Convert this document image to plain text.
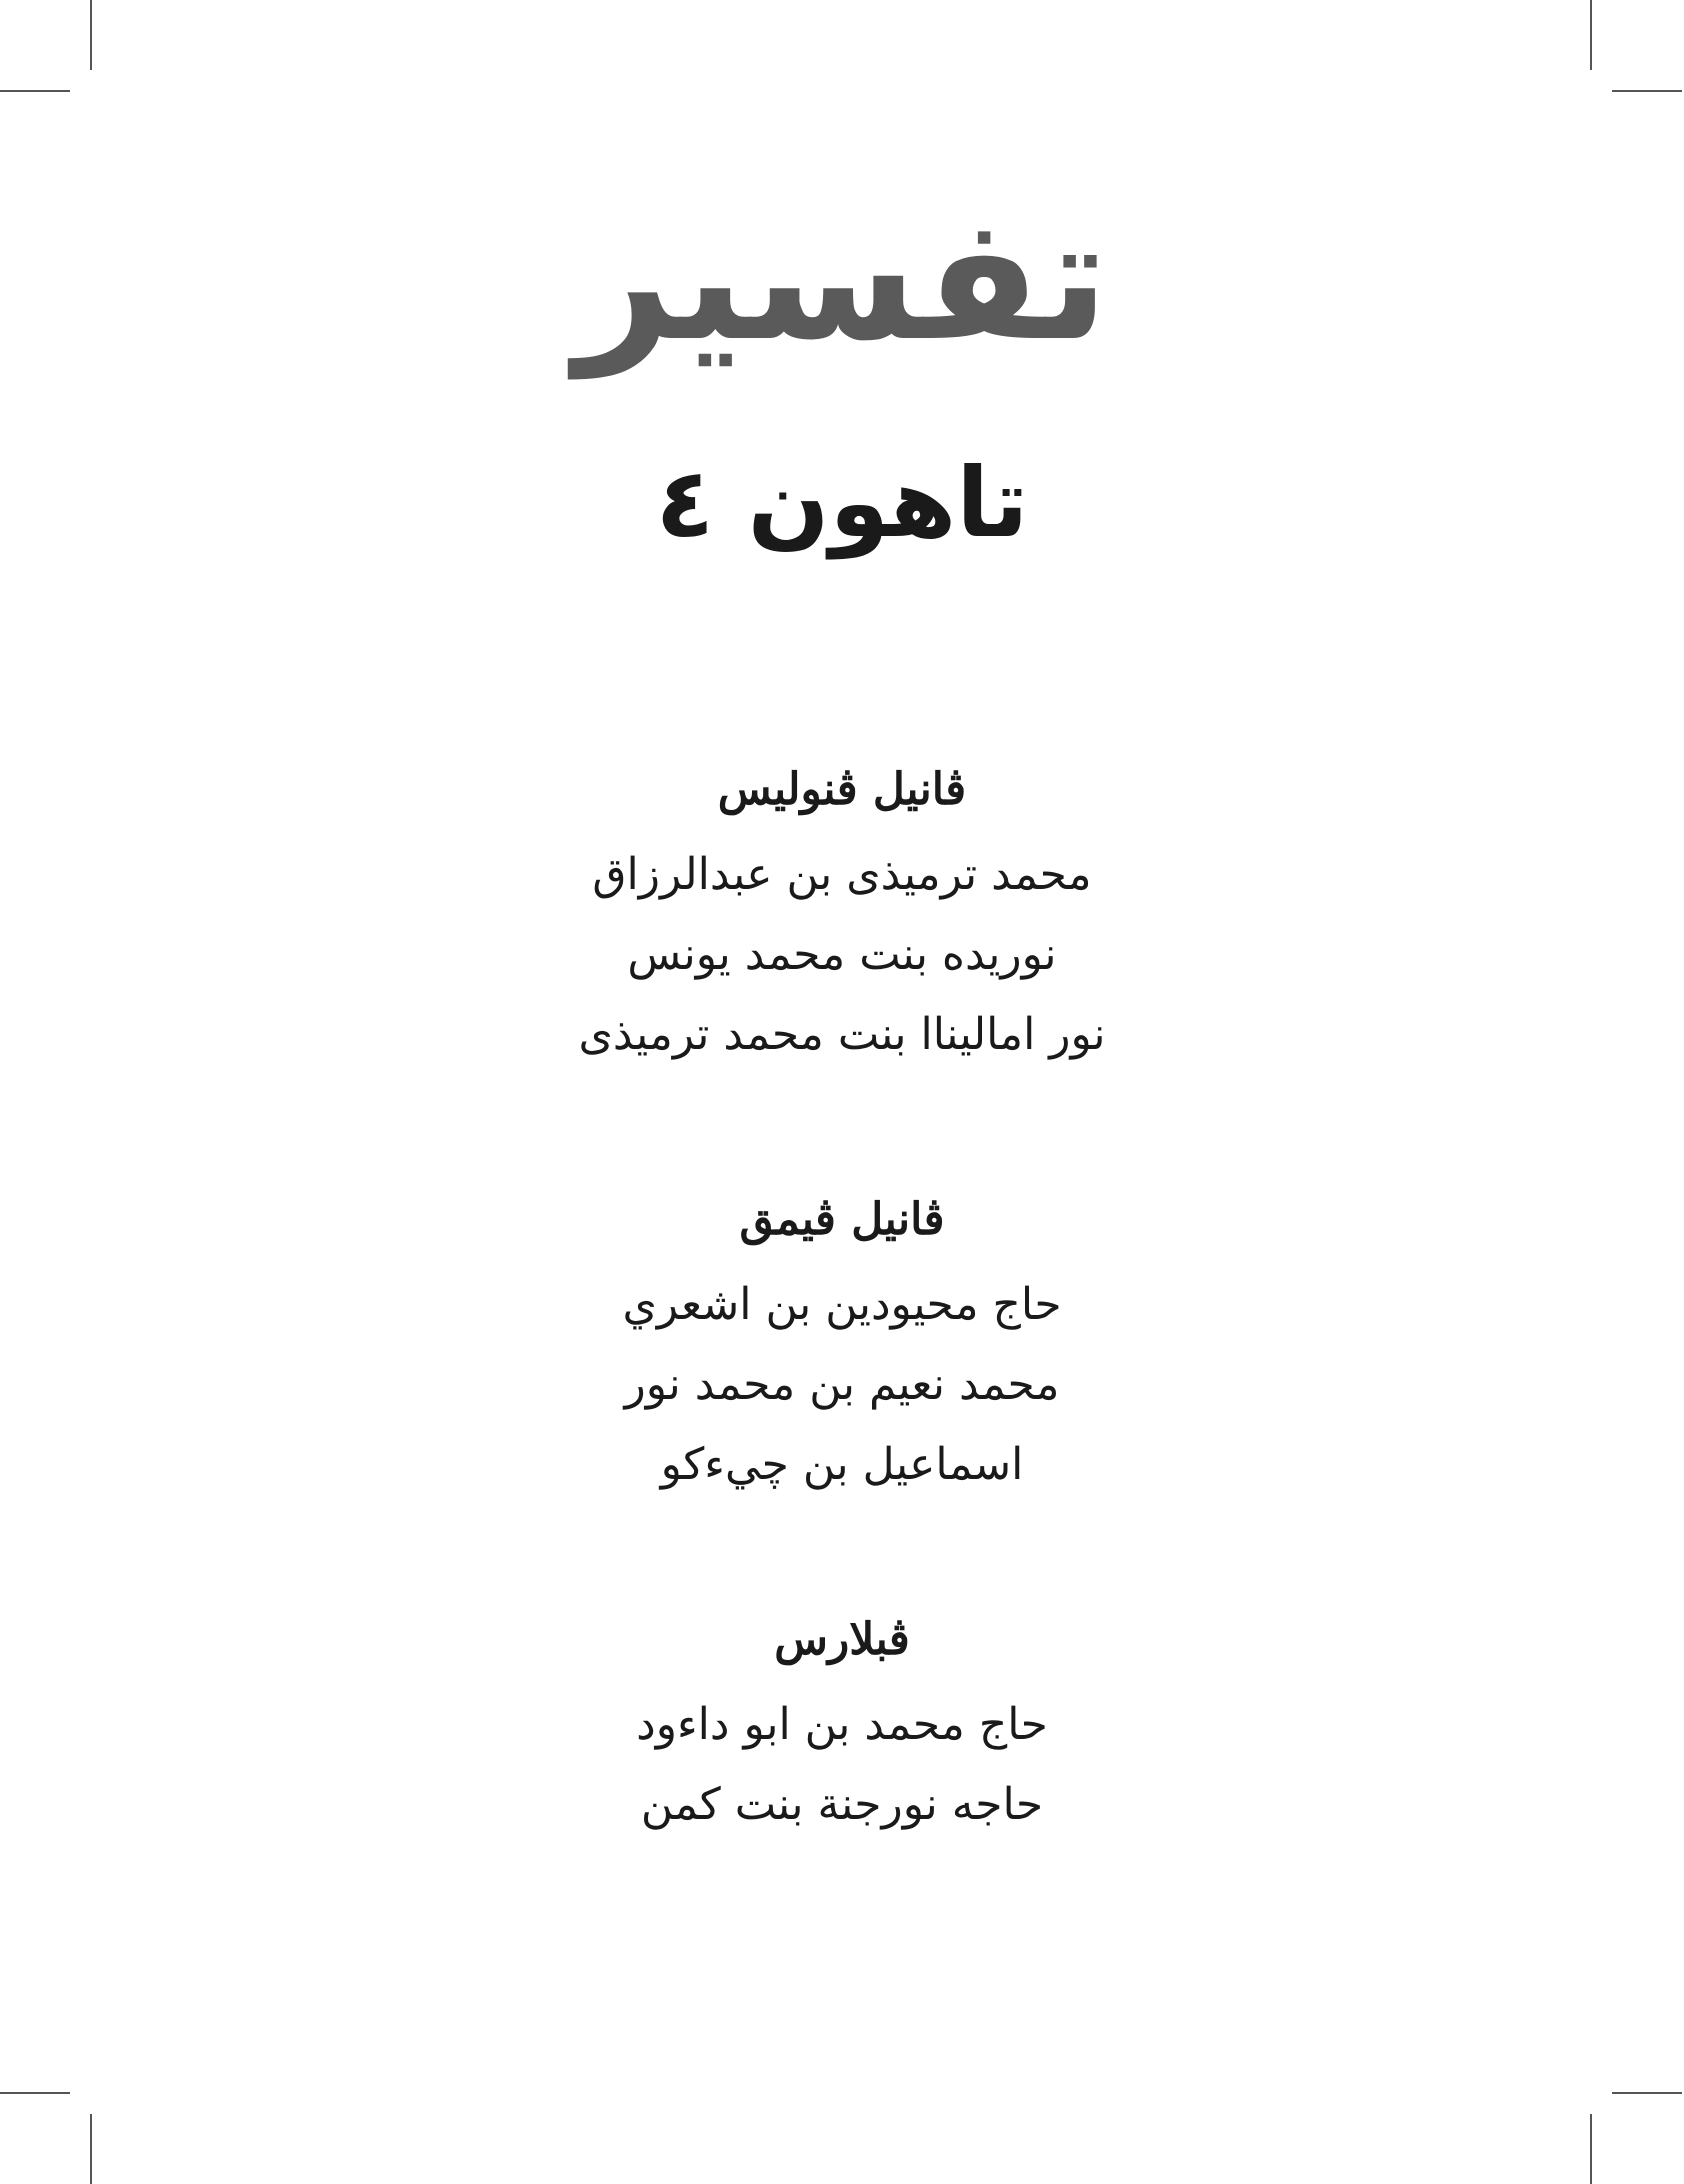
تفسير
تاهون ٤
ڤانيل ڤنوليس
محمد ترميذى بن عبدالرزاق
نوريده بنت محمد يونس
نور اماليناا بنت محمد ترميذى
ڤانيل ڤيمق
حاج محيودين بن اشعري
محمد نعيم بن محمد نور
اسماعيل بن چيءكو
ڤبلارس
حاج محمد بن ابو داءود
حاجه نورجنة بنت كمن
